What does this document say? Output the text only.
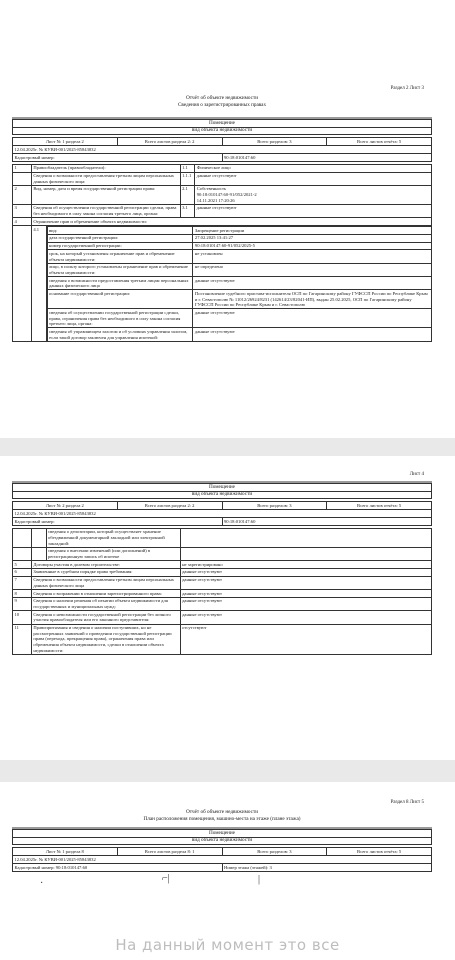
Раздел 2 Лист 3
Отчёт об объекте недвижимости
Сведения о зарегистрированных правах
Помещение
вид объекта недвижимости
Лист № 1 раздела 2	Всего листов раздела 2: 2	Всего разделов: 3	Всего листов отчёта: 5
12.04.2025г. № КУВИ-001/2025-85843832			
Кадастровый номер:		90:18:010147:60	
1	Правообладатель (правообладатели):	1.1	Физическое лицо
	Сведения о возможности предоставления третьим лицам персональных данных физического лица:	1.1.1	данные отсутствуют
2	Вид, номер, дата и время государственной регистрации права:	2.1	Собственность
90:18:010147:60-91/052/2021-2
14.11.2021 17:20:26
3	Сведения об осуществлении государственной регистрации сделки, права без необходимого в силу закона согласия третьего лица, органа:	3.1	данные отсутствуют
4	Ограничение прав и обременение объекта недвижимости:
	4.1	вид:	Запрещение регистрации
дата государственной регистрации:	27.02.2025 13:41:27
номер государственной регистрации:	90:18:010147:60-91/052/2025-5
срок, на который установлены ограничение прав и обременение объекта недвижимости:	не установлен
лицо, в пользу которого установлены ограничение прав и обременение объекта недвижимости:	не определено
сведения о возможности предоставления третьим лицам персональных данных физического лица	данные отсутствуют
основание государственной регистрации:	Постановление судебного пристава-исполнителя ОСП по Гагаринскому району ГУФССП России по Республике Крым и г. Севастополю № 11012/26924/8231 (142614/23/82041-ИП), выдан 25.02.2025, ОСП по Гагаринскому району ГУФССП России по Республике Крым и г. Севастополю
сведения об осуществлении государственной регистрации сделки, права, ограничения права без необходимого в силу закона согласия третьего лица, органа:	данные отсутствуют
сведения об управляющем залогом и об условиях управления залогом, если такой договор заключен для управления ипотекой:	данные отсутствуют
Лист 4
Помещение
вид объекта недвижимости
Лист № 2 раздела 2	Всего листов раздела 2: 2	Всего разделов: 3	Всего листов отчёта: 5
12.04.2025г. № КУВИ-001/2025-85843832			
Кадастровый номер:		90:18:010147:60	
		сведения о депозитарии, который осуществляет хранение обездвиженной документарной закладной или электронной закладной:	
		сведения о внесении изменений (или дополнений) в регистрационную запись об ипотеке	
5	Договоры участия в долевом строительстве:		не зарегистрировано
6	Заявленные в судебном порядке права требования:		данные отсутствуют
7	Сведения о возможности предоставления третьим лицам персональных данных физического лица		данные отсутствуют
8	Сведения о возражении в отношении зарегистрированного права:		данные отсутствуют
9	Сведения о наличии решения об изъятии объекта недвижимости для государственных и муниципальных нужд:		данные отсутствуют
10	Сведения о невозможности государственной регистрации без личного участия правообладателя или его законного представителя:		данные отсутствуют
11	Правопритязания и сведения о наличии поступивших, но не рассмотренных заявлений о проведении государственной регистрации права (перехода, прекращения права), ограничения права или обременения объекта недвижимости, сделки в отношении объекта недвижимости:		отсутствуют
Раздел 8 Лист 5
Отчёт об объекте недвижимости
План расположения помещения, машино-места на этаже (плане этажа)
Помещение
вид объекта недвижимости
Лист № 1 раздела 8	Всего листов раздела 8: 1	Всего разделов: 3	Всего листов отчёта: 5
12.04.2025г. № КУВИ-001/2025-85843832			
Кадастровый номер: 90:18:010147:60		Номер этажа (этажей): 3	
·	⌐|	|
На данный момент это все
